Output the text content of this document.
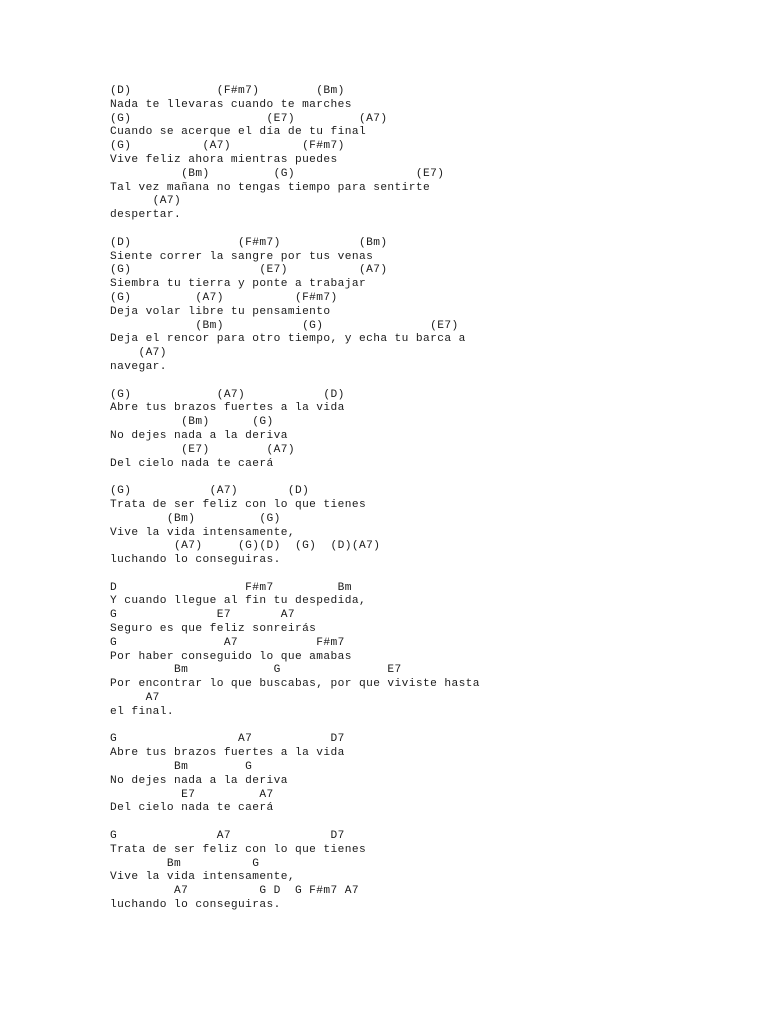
(D)            (F#m7)        (Bm)
Nada te llevaras cuando te marches
(G)                   (E7)         (A7)
Cuando se acerque el día de tu final
(G)          (A7)          (F#m7)
Vive feliz ahora mientras puedes
(Bm)         (G)                 (E7)
Tal vez mañana no tengas tiempo para sentirte
(A7)
despertar.
(D)               (F#m7)           (Bm)
Siente correr la sangre por tus venas
(G)                  (E7)          (A7)
Siembra tu tierra y ponte a trabajar
(G)         (A7)          (F#m7)
Deja volar libre tu pensamiento
(Bm)           (G)               (E7)
Deja el rencor para otro tiempo, y echa tu barca a
(A7)
navegar.
(G)            (A7)           (D)
Abre tus brazos fuertes a la vida
(Bm)      (G)
No dejes nada a la deriva
(E7)        (A7)
Del cielo nada te caerá
(G)           (A7)       (D)
Trata de ser feliz con lo que tienes
(Bm)         (G)
Vive la vida intensamente,
(A7)     (G)(D)  (G)  (D)(A7)
luchando lo conseguiras.
D                  F#m7         Bm
Y cuando llegue al fin tu despedida,
G              E7       A7
Seguro es que feliz sonreirás
G               A7           F#m7
Por haber conseguido lo que amabas
Bm            G               E7
Por encontrar lo que buscabas, por que viviste hasta
A7
el final.
G                 A7           D7
Abre tus brazos fuertes a la vida
Bm        G
No dejes nada a la deriva
E7         A7
Del cielo nada te caerá
G              A7              D7
Trata de ser feliz con lo que tienes
Bm          G
Vive la vida intensamente,
A7          G D  G F#m7 A7
luchando lo conseguiras.
